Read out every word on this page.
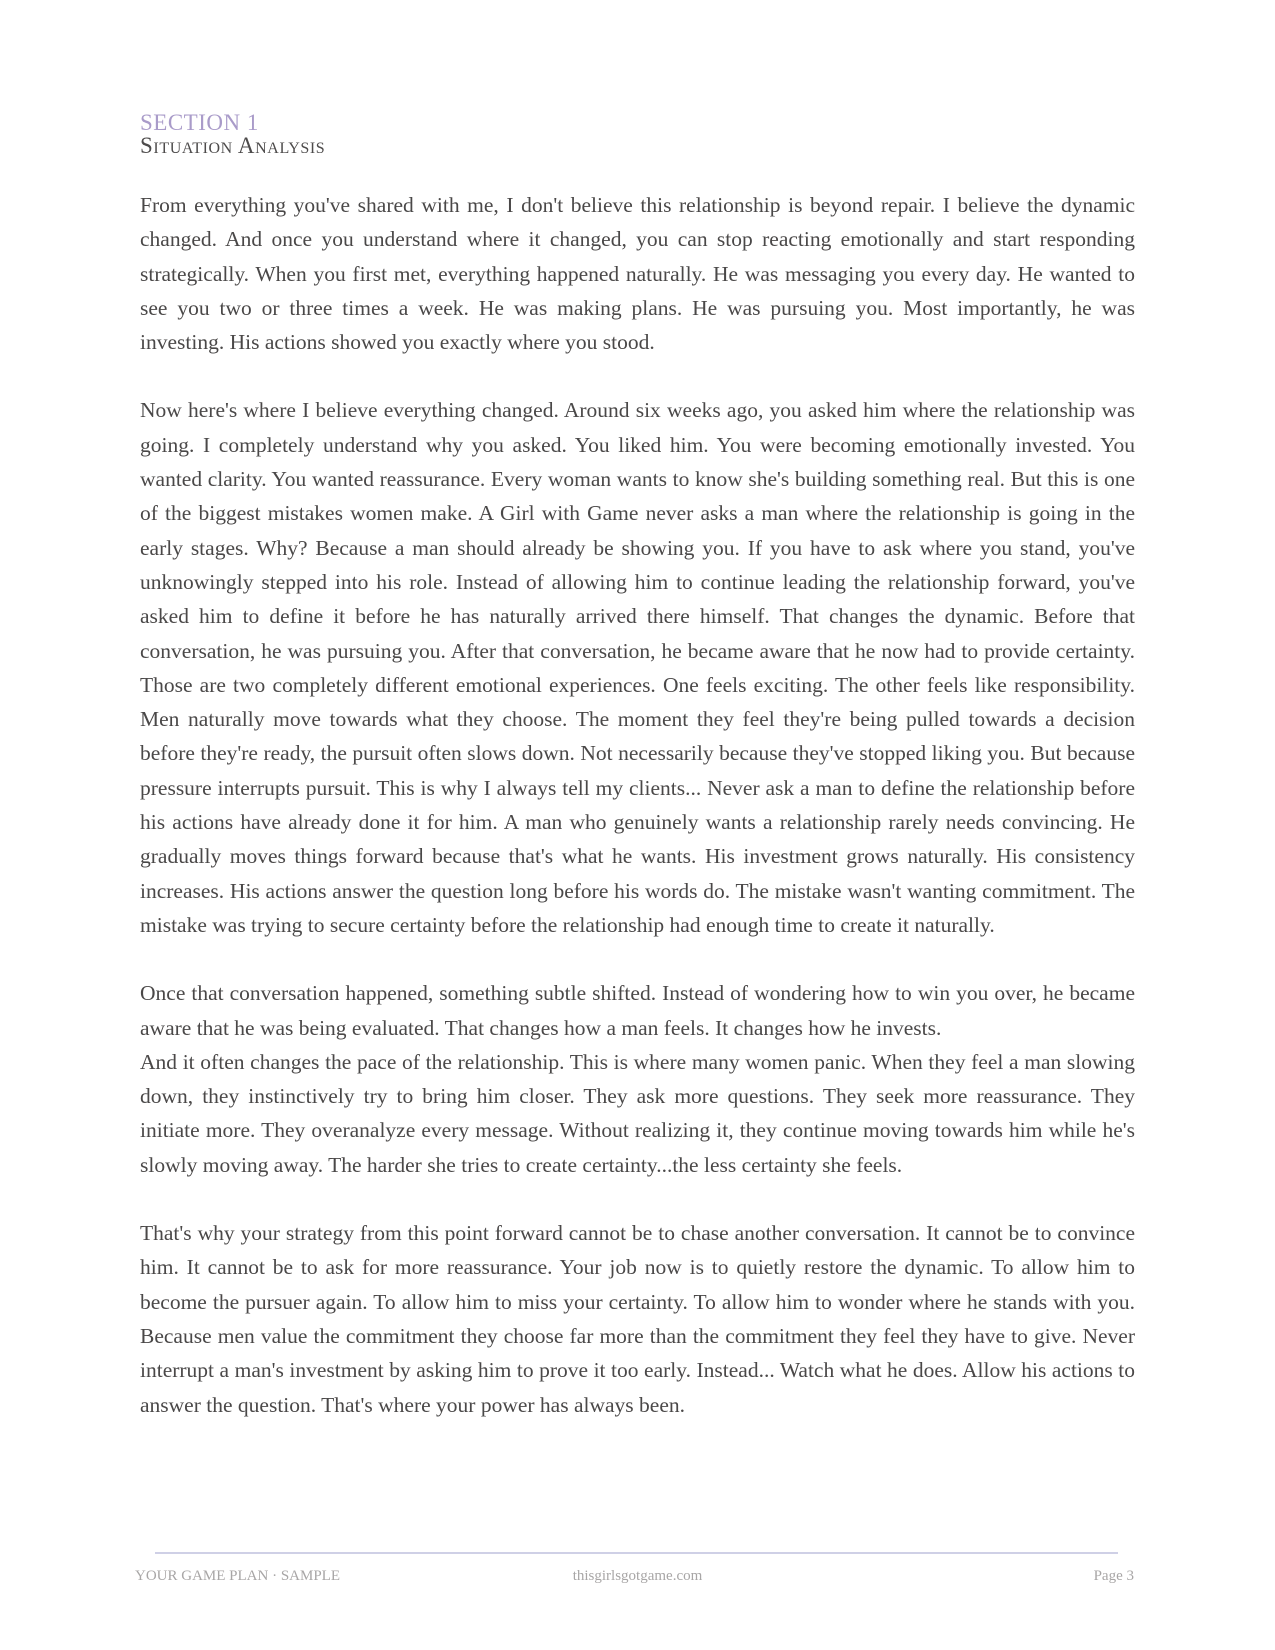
SECTION 1
Situation Analysis

From everything you've shared with me, I don't believe this relationship is beyond repair. I believe the dynamic changed. And once you understand where it changed, you can stop reacting emotionally and start responding strategically. When you first met, everything happened naturally. He was messaging you every day. He wanted to see you two or three times a week. He was making plans. He was pursuing you. Most importantly, he was investing. His actions showed you exactly where you stood.

Now here's where I believe everything changed. Around six weeks ago, you asked him where the relationship was going. I completely understand why you asked. You liked him. You were becoming emotionally invested. You wanted clarity. You wanted reassurance. Every woman wants to know she's building something real. But this is one of the biggest mistakes women make. A Girl with Game never asks a man where the relationship is going in the early stages. Why? Because a man should already be showing you. If you have to ask where you stand, you've unknowingly stepped into his role. Instead of allowing him to continue leading the relationship forward, you've asked him to define it before he has naturally arrived there himself. That changes the dynamic. Before that conversation, he was pursuing you. After that conversation, he became aware that he now had to provide certainty. Those are two completely different emotional experiences. One feels exciting. The other feels like responsibility. Men naturally move towards what they choose. The moment they feel they're being pulled towards a decision before they're ready, the pursuit often slows down. Not necessarily because they've stopped liking you. But because pressure interrupts pursuit. This is why I always tell my clients... Never ask a man to define the relationship before his actions have already done it for him. A man who genuinely wants a relationship rarely needs convincing. He gradually moves things forward because that's what he wants. His investment grows naturally. His consistency increases. His actions answer the question long before his words do. The mistake wasn't wanting commitment. The mistake was trying to secure certainty before the relationship had enough time to create it naturally.

Once that conversation happened, something subtle shifted. Instead of wondering how to win you over, he became aware that he was being evaluated. That changes how a man feels. It changes how he invests.

And it often changes the pace of the relationship. This is where many women panic. When they feel a man slowing down, they instinctively try to bring him closer. They ask more questions. They seek more reassurance. They initiate more. They overanalyze every message. Without realizing it, they continue moving towards him while he's slowly moving away. The harder she tries to create certainty...the less certainty she feels.

That's why your strategy from this point forward cannot be to chase another conversation. It cannot be to convince him. It cannot be to ask for more reassurance. Your job now is to quietly restore the dynamic. To allow him to become the pursuer again. To allow him to miss your certainty. To allow him to wonder where he stands with you. Because men value the commitment they choose far more than the commitment they feel they have to give. Never interrupt a man's investment by asking him to prove it too early. Instead... Watch what he does. Allow his actions to answer the question. That's where your power has always been.

YOUR GAME PLAN · SAMPLE	thisgirlsgotgame.com	Page 3
